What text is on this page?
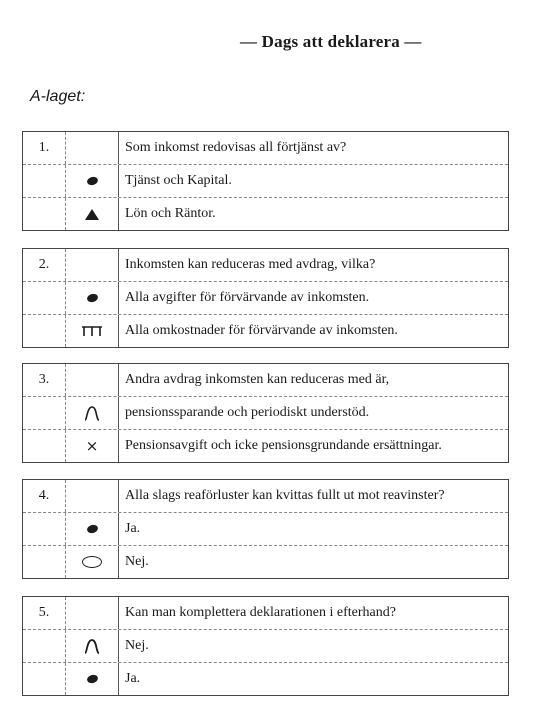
— Dags att deklarera —
A-laget:
1.	Som inkomst redovisas all förtjänst av?
Tjänst och Kapital.
Lön och Räntor.
2.	Inkomsten kan reduceras med avdrag, vilka?
Alla avgifter för förvärvande av inkomsten.
Alla omkostnader för förvärvande av inkomsten.
3.	Andra avdrag inkomsten kan reduceras med är,
pensionssparande och periodiskt understöd.
×	Pensionsavgift och icke pensionsgrundande ersättningar.
4.	Alla slags reaförluster kan kvittas fullt ut mot reavinster?
Ja.
Nej.
5.	Kan man komplettera deklarationen i efterhand?
Nej.
Ja.
